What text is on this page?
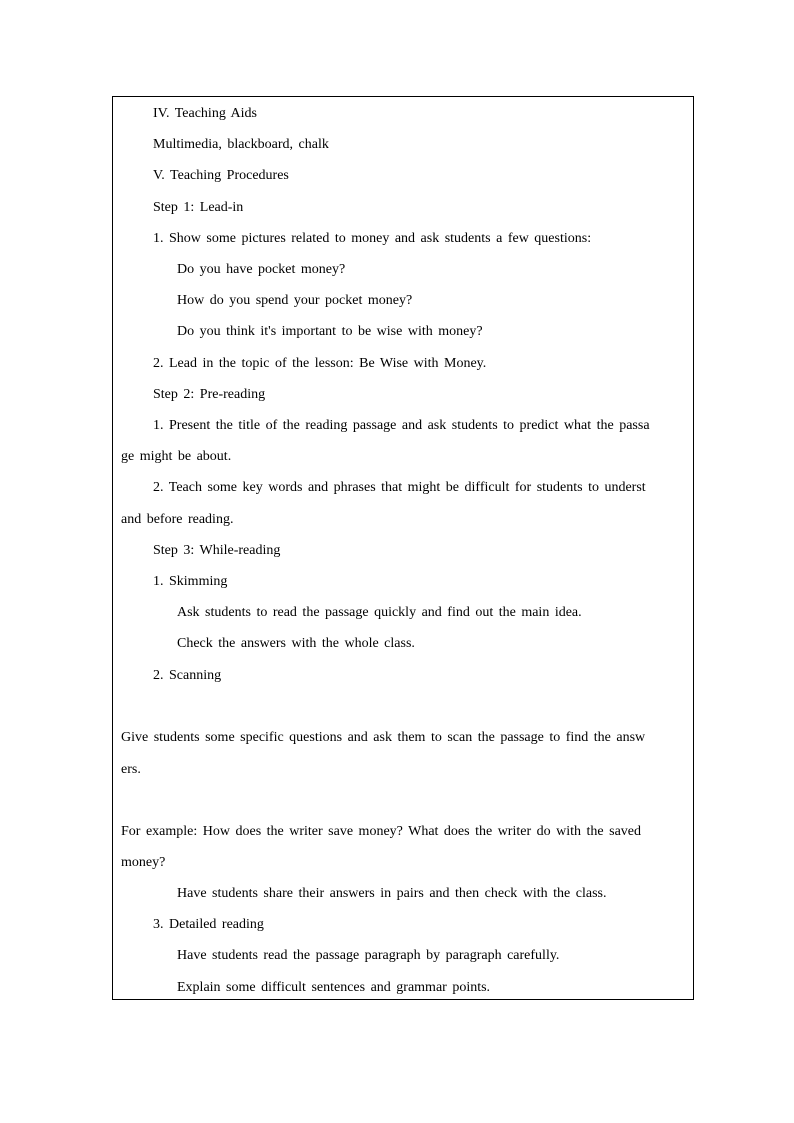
IV. Teaching Aids
Multimedia, blackboard, chalk
V. Teaching Procedures
Step 1: Lead-in
1. Show some pictures related to money and ask students a few questions:
Do you have pocket money?
How do you spend your pocket money?
Do you think it's important to be wise with money?
2. Lead in the topic of the lesson: Be Wise with Money.
Step 2: Pre-reading
1. Present the title of the reading passage and ask students to predict what the passa
ge might be about.
2. Teach some key words and phrases that might be difficult for students to underst
and before reading.
Step 3: While-reading
1. Skimming
Ask students to read the passage quickly and find out the main idea.
Check the answers with the whole class.
2. Scanning
Give students some specific questions and ask them to scan the passage to find the answ
ers.
For example: How does the writer save money? What does the writer do with the saved
money?
Have students share their answers in pairs and then check with the class.
3. Detailed reading
Have students read the passage paragraph by paragraph carefully.
Explain some difficult sentences and grammar points.
